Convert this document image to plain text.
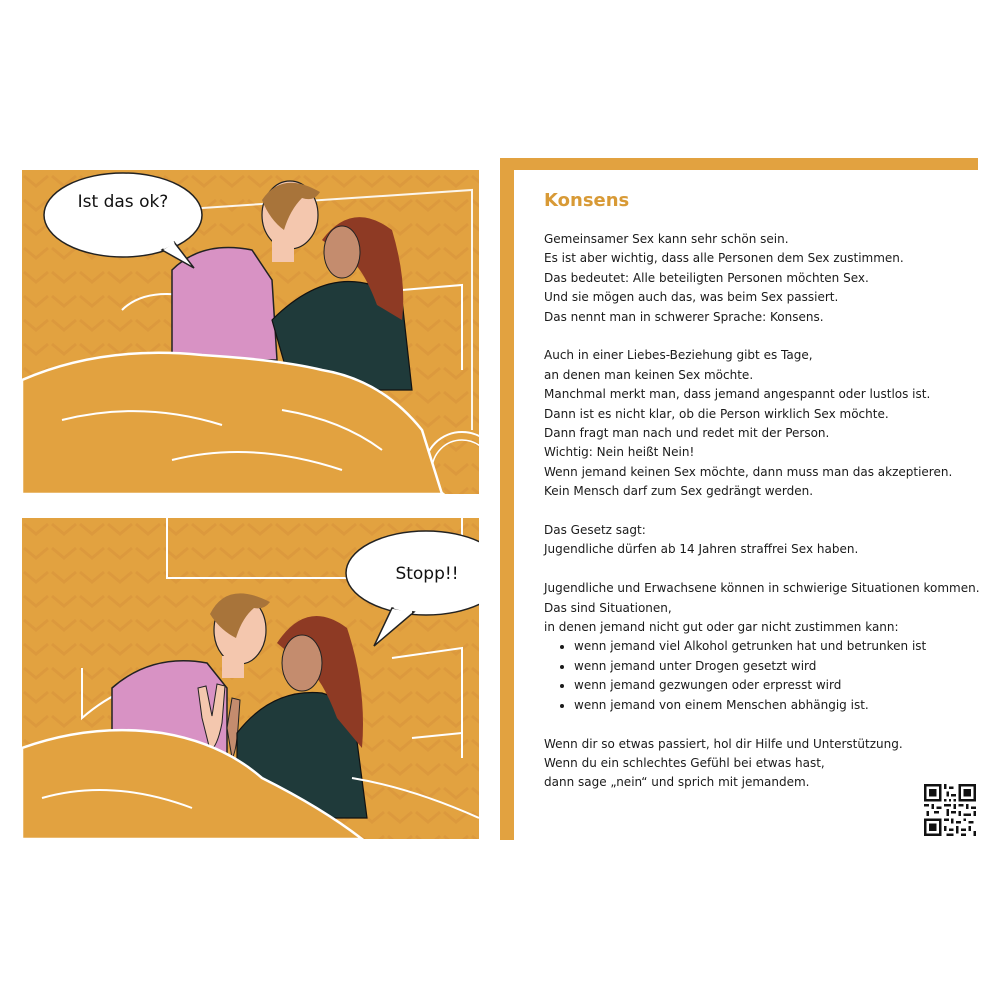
Ist das ok?
Stopp!!
Konsens

Gemeinsamer Sex kann sehr schön sein.
Es ist aber wichtig, dass alle Personen dem Sex zustimmen.
Das bedeutet: Alle beteiligten Personen möchten Sex.
Und sie mögen auch das, was beim Sex passiert.
Das nennt man in schwerer Sprache: Konsens.

Auch in einer Liebes-Beziehung gibt es Tage,
an denen man keinen Sex möchte.
Manchmal merkt man, dass jemand angespannt oder lustlos ist.
Dann ist es nicht klar, ob die Person wirklich Sex möchte.
Dann fragt man nach und redet mit der Person.
Wichtig: Nein heißt Nein!
Wenn jemand keinen Sex möchte, dann muss man das akzeptieren.
Kein Mensch darf zum Sex gedrängt werden.

Das Gesetz sagt:
Jugendliche dürfen ab 14 Jahren straffrei Sex haben.

Jugendliche und Erwachsene können in schwierige Situationen kommen.
Das sind Situationen,
in denen jemand nicht gut oder gar nicht zustimmen kann:

• wenn jemand viel Alkohol getrunken hat und betrunken ist
• wenn jemand unter Drogen gesetzt wird
• wenn jemand gezwungen oder erpresst wird
• wenn jemand von einem Menschen abhängig ist.

Wenn dir so etwas passiert, hol dir Hilfe und Unterstützung.
Wenn du ein schlechtes Gefühl bei etwas hast,
dann sage „nein“ und sprich mit jemandem.
